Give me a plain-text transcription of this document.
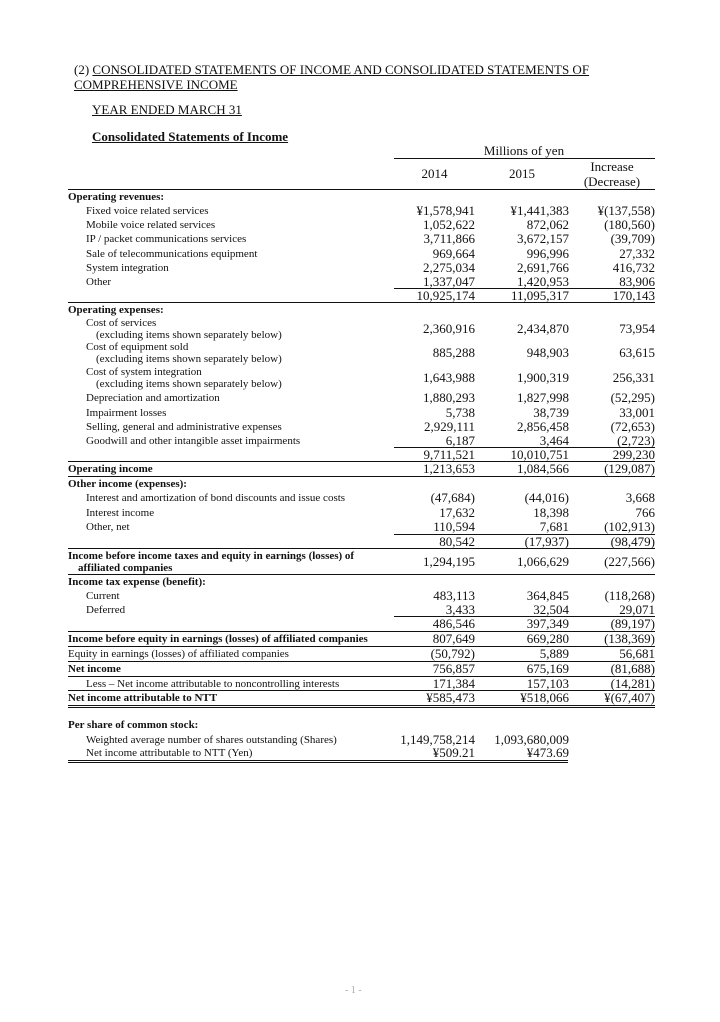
(2) CONSOLIDATED STATEMENTS OF INCOME AND CONSOLIDATED STATEMENTS OF
COMPREHENSIVE INCOME
YEAR ENDED MARCH 31
Consolidated Statements of Income
Millions of yen
2014	2015	Increase
(Decrease)
Operating revenues:
Fixed voice related services	¥1,578,941	¥1,441,383	¥(137,558)
Mobile voice related services	1,052,622	872,062	(180,560)
IP / packet communications services	3,711,866	3,672,157	(39,709)
Sale of telecommunications equipment	969,664	996,996	27,332
System integration	2,275,034	2,691,766	416,732
Other	1,337,047	1,420,953	83,906
10,925,174	11,095,317	170,143
Operating expenses:
Cost of services
(excluding items shown separately below)	2,360,916	2,434,870	73,954
Cost of equipment sold
(excluding items shown separately below)	885,288	948,903	63,615
Cost of system integration
(excluding items shown separately below)	1,643,988	1,900,319	256,331
Depreciation and amortization	1,880,293	1,827,998	(52,295)
Impairment losses	5,738	38,739	33,001
Selling, general and administrative expenses	2,929,111	2,856,458	(72,653)
Goodwill and other intangible asset impairments	6,187	3,464	(2,723)
9,711,521	10,010,751	299,230
Operating income	1,213,653	1,084,566	(129,087)
Other income (expenses):
Interest and amortization of bond discounts and issue costs	(47,684)	(44,016)	3,668
Interest income	17,632	18,398	766
Other, net	110,594	7,681	(102,913)
80,542	(17,937)	(98,479)
Income before income taxes and equity in earnings (losses) of
affiliated companies	1,294,195	1,066,629	(227,566)
Income tax expense (benefit):
Current	483,113	364,845	(118,268)
Deferred	3,433	32,504	29,071
486,546	397,349	(89,197)
Income before equity in earnings (losses) of affiliated companies	807,649	669,280	(138,369)
Equity in earnings (losses) of affiliated companies	(50,792)	5,889	56,681
Net income	756,857	675,169	(81,688)
Less – Net income attributable to noncontrolling interests	171,384	157,103	(14,281)
Net income attributable to NTT	¥585,473	¥518,066	¥(67,407)
Per share of common stock:
Weighted average number of shares outstanding (Shares)	1,149,758,214	1,093,680,009
Net income attributable to NTT (Yen)	¥509.21	¥473.69
- 1 -
